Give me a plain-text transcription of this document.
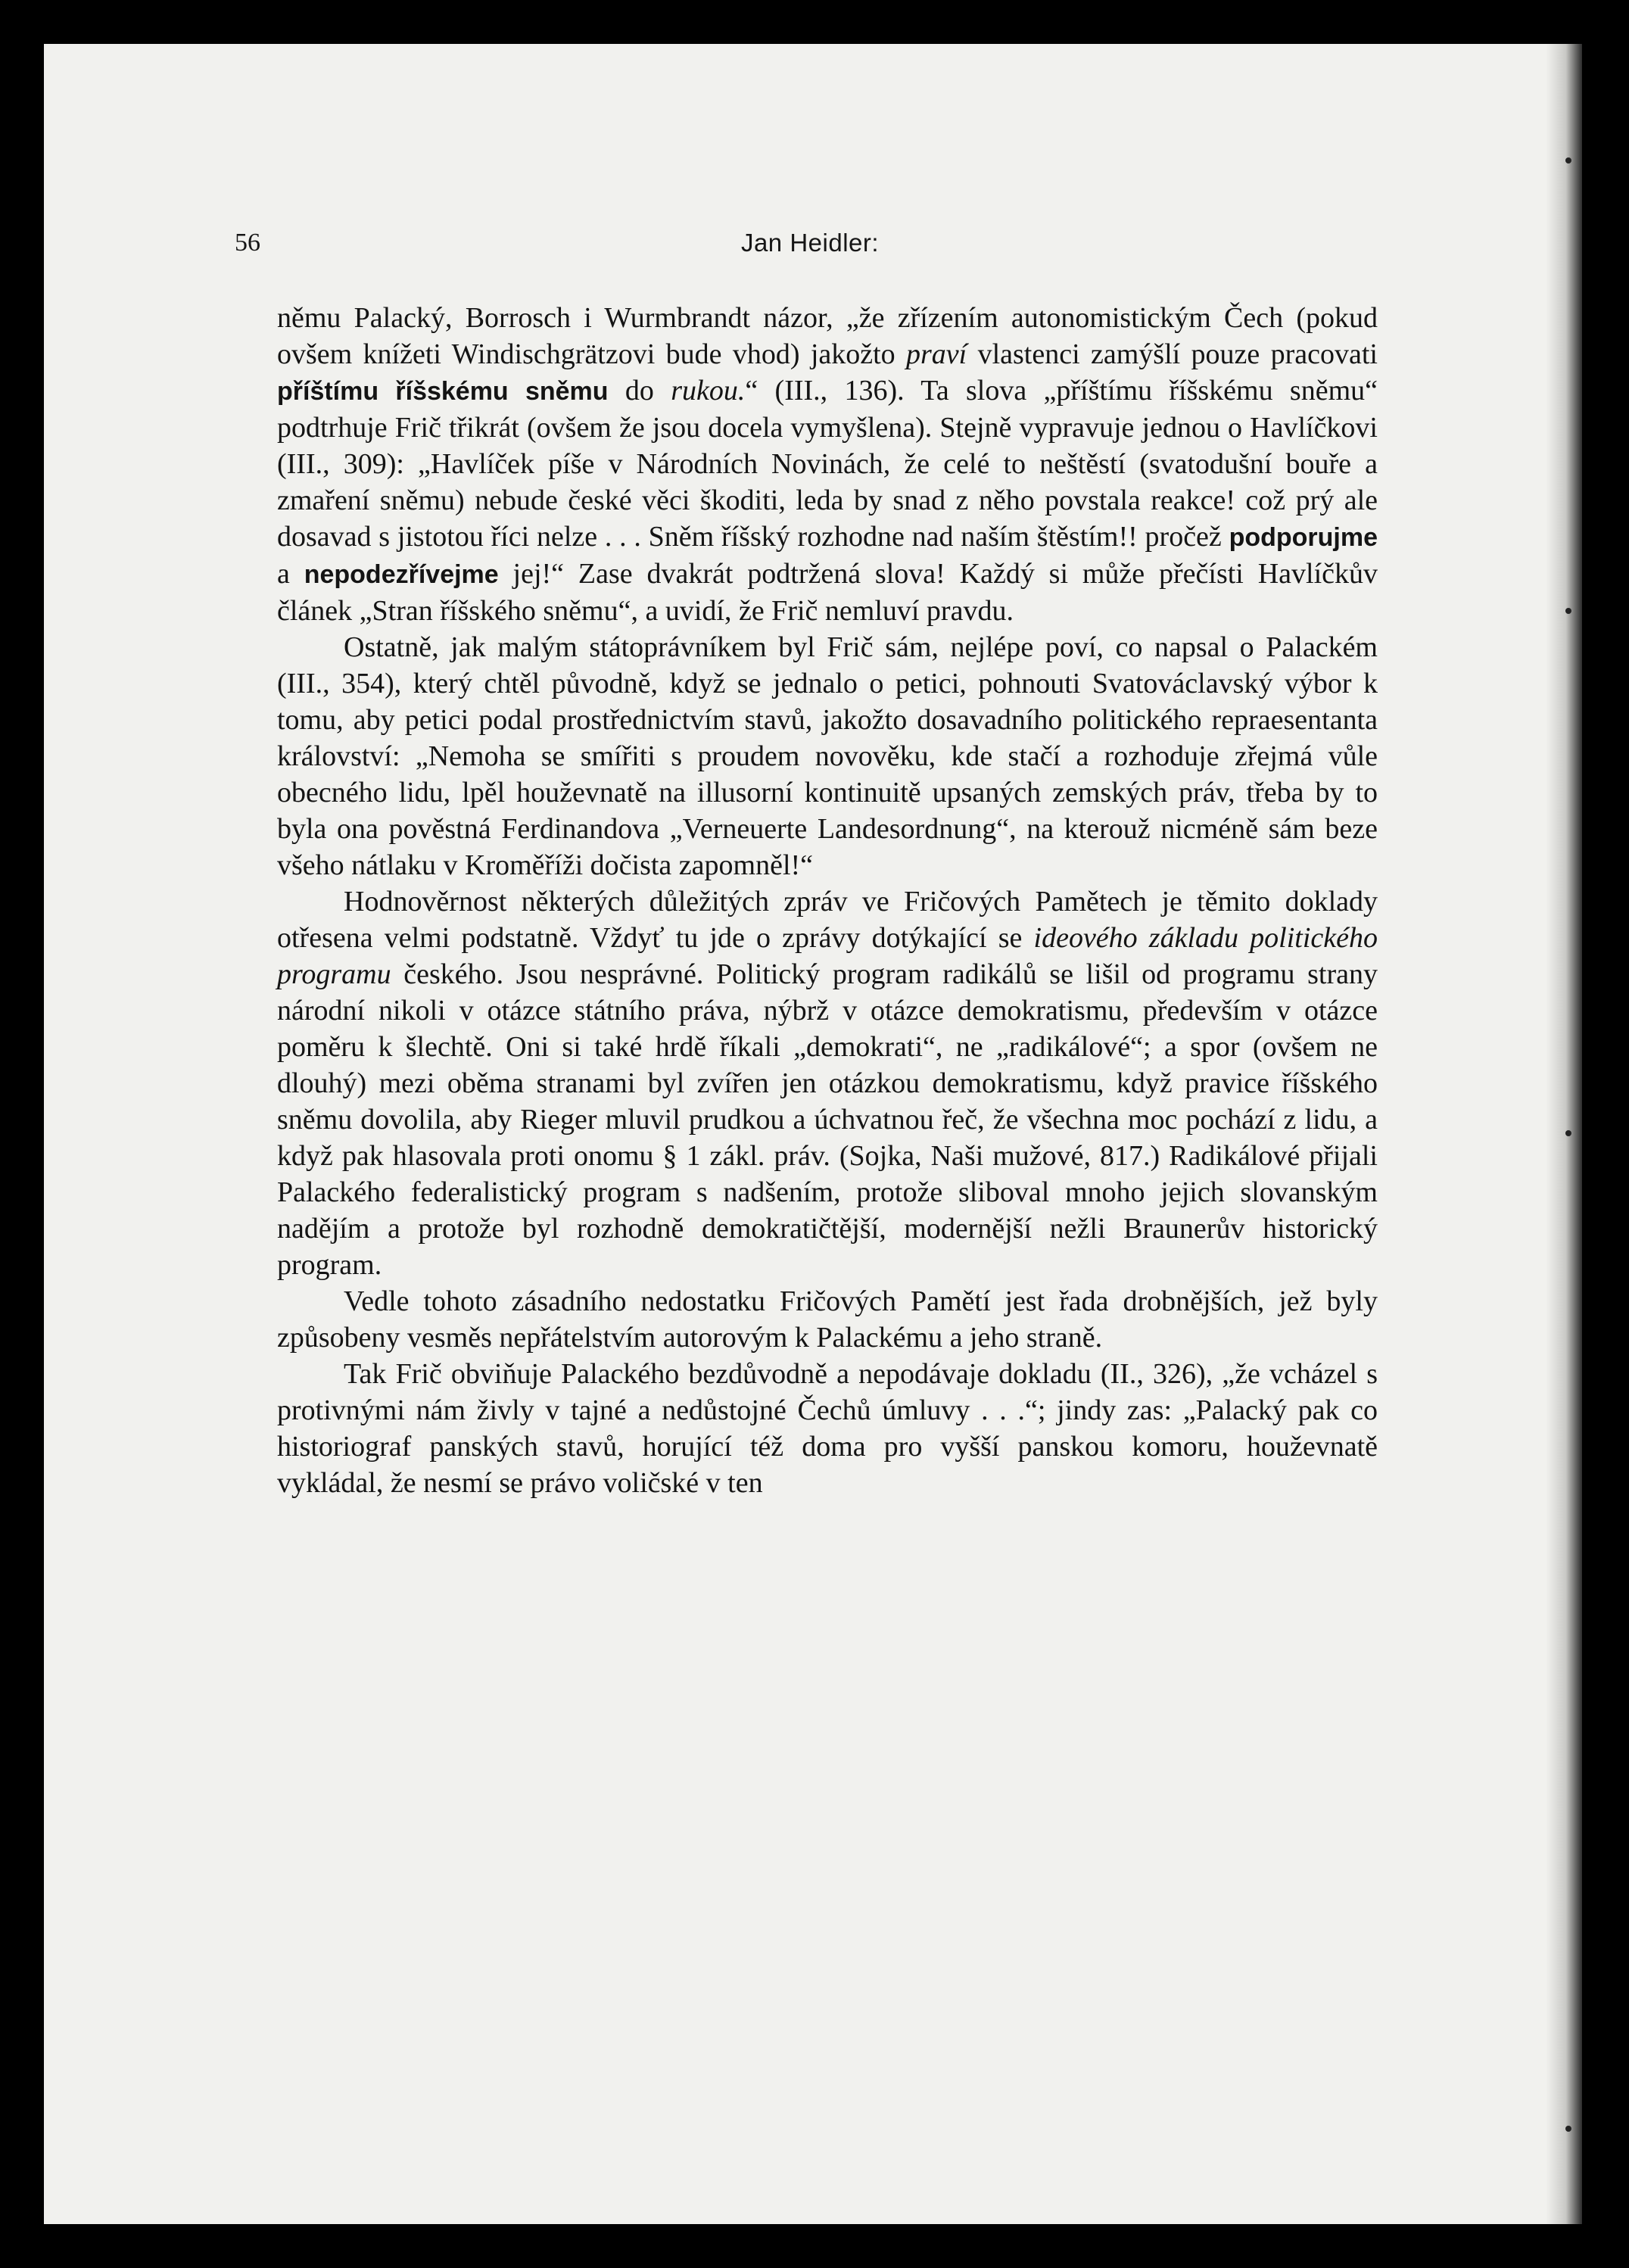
56	Jan Heidler:

němu Palacký, Borrosch i Wurmbrandt názor, „že zřízením autonomistickým Čech (pokud ovšem knížeti Windischgrätzovi bude vhod) jakožto praví vlastenci zamýšlí pouze pracovati příštímu říšskému sněmu do rukou.“ (III., 136). Ta slova „příštímu říšskému sněmu“ podtrhuje Frič třikrát (ovšem že jsou docela vymyšlena). Stejně vypravuje jednou o Havlíčkovi (III., 309): „Havlíček píše v Národních Novinách, že celé to neštěstí (svatodušní bouře a zmaření sněmu) nebude české věci škoditi, leda by snad z něho povstala reakce! což prý ale dosavad s jistotou říci nelze . . . Sněm říšský rozhodne nad naším štěstím!! pročež podporujme a nepodezřívejme jej!“ Zase dvakrát podtržená slova! Každý si může přečísti Havlíčkův článek „Stran říšského sněmu“, a uvidí, že Frič nemluví pravdu.

Ostatně, jak malým státoprávníkem byl Frič sám, nejlépe poví, co napsal o Palackém (III., 354), který chtěl původně, když se jednalo o petici, pohnouti Svatováclavský výbor k tomu, aby petici podal prostřednictvím stavů, jakožto dosavadního politického repraesentanta království: „Nemoha se smířiti s proudem novověku, kde stačí a rozhoduje zřejmá vůle obecného lidu, lpěl houževnatě na illusorní kontinuitě upsaných zemských práv, třeba by to byla ona pověstná Ferdinandova „Verneuerte Landesordnung“, na kterouž nicméně sám beze všeho nátlaku v Kroměříži dočista zapomněl!“

Hodnověrnost některých důležitých zpráv ve Fričových Pamětech je těmito doklady otřesena velmi podstatně. Vždyť tu jde o zprávy dotýkající se ideového základu politického programu českého. Jsou nesprávné. Politický program radikálů se lišil od programu strany národní nikoli v otázce státního práva, nýbrž v otázce demokratismu, především v otázce poměru k šlechtě. Oni si také hrdě říkali „demokrati“, ne „radikálové“; a spor (ovšem ne dlouhý) mezi oběma stranami byl zvířen jen otázkou demokratismu, když pravice říšského sněmu dovolila, aby Rieger mluvil prudkou a úchvatnou řeč, že všechna moc pochází z lidu, a když pak hlasovala proti onomu § 1 zákl. práv. (Sojka, Naši mužové, 817.) Radikálové přijali Palackého federalistický program s nadšením, protože sliboval mnoho jejich slovanským nadějím a protože byl rozhodně demokratičtější, modernější nežli Braunerův historický program.

Vedle tohoto zásadního nedostatku Fričových Pamětí jest řada drobnějších, jež byly způsobeny vesměs nepřátelstvím autorovým k Palackému a jeho straně.

Tak Frič obviňuje Palackého bezdůvodně a nepodávaje dokladu (II., 326), „že vcházel s protivnými nám živly v tajné a nedůstojné Čechů úmluvy . . .“; jindy zas: „Palacký pak co historiograf panských stavů, horující též doma pro vyšší panskou komoru, houževnatě vykládal, že nesmí se právo voličské v ten
